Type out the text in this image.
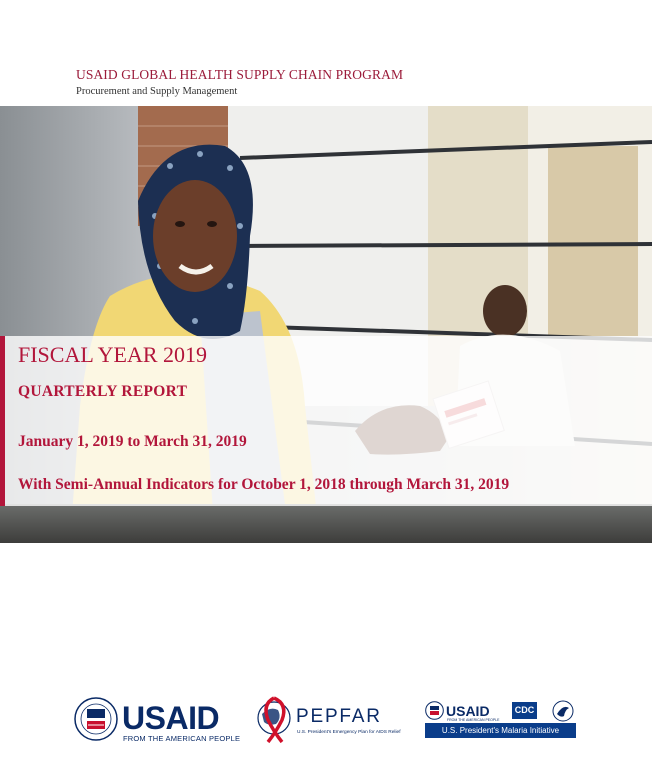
USAID GLOBAL HEALTH SUPPLY CHAIN PROGRAM
Procurement and Supply Management
FISCAL YEAR 2019
QUARTERLY REPORT
January 1, 2019 to March 31, 2019
With Semi-Annual Indicators for October 1, 2018 through March 31, 2019
USAID
FROM THE AMERICAN PEOPLE
PEPFAR
U.S. President's Emergency Plan for AIDS Relief
USAID
FROM THE AMERICAN PEOPLE
CDC
U.S. President's Malaria Initiative
